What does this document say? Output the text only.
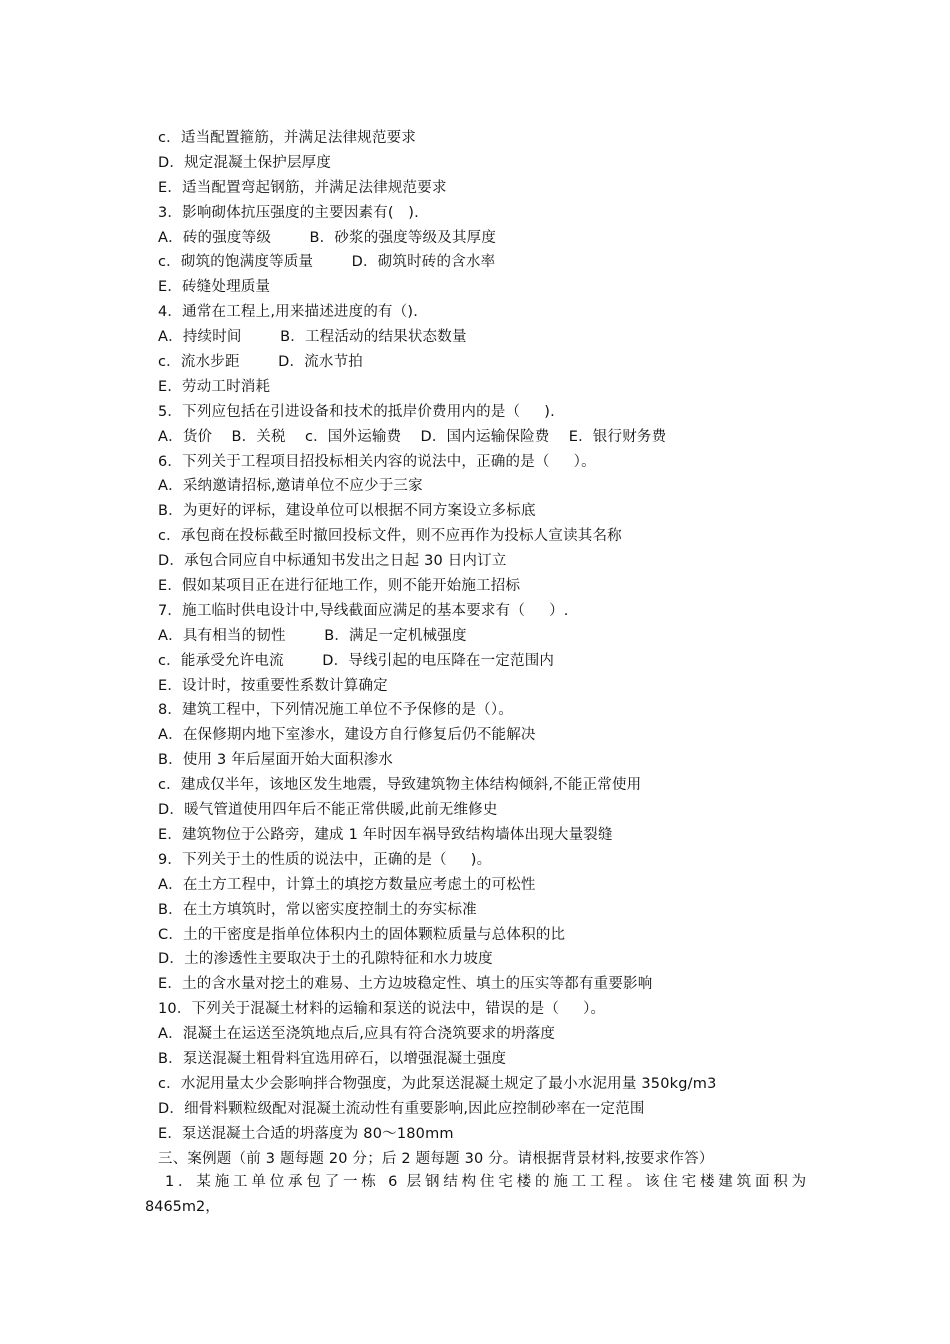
c．适当配置箍筋，并满足法律规范要求
D．规定混凝土保护层厚度
E．适当配置弯起钢筋，并满足法律规范要求
3．影响砌体抗压强度的主要因素有(   ).
A．砖的强度等级        B．砂浆的强度等级及其厚度
c．砌筑的饱满度等质量        D．砌筑时砖的含水率
E．砖缝处理质量
4．通常在工程上,用来描述进度的有（).
A．持续时间        B．工程活动的结果状态数量
c．流水步距        D．流水节拍
E．劳动工时消耗
5．下列应包括在引进设备和技术的抵岸价费用内的是（     ).
A．货价    B．关税    c．国外运输费    D．国内运输保险费    E．银行财务费
6．下列关于工程项目招投标相关内容的说法中，正确的是（     ）。
A．采纳邀请招标,邀请单位不应少于三家
B．为更好的评标，建设单位可以根据不同方案设立多标底
c．承包商在投标截至时撤回投标文件，则不应再作为投标人宣读其名称
D．承包合同应自中标通知书发出之日起 30 日内订立
E．假如某项目正在进行征地工作，则不能开始施工招标
7．施工临时供电设计中,导线截面应满足的基本要求有（     ）.
A．具有相当的韧性        B．满足一定机械强度
c．能承受允许电流        D．导线引起的电压降在一定范围内
E．设计时，按重要性系数计算确定
8．建筑工程中，下列情况施工单位不予保修的是（）。
A．在保修期内地下室渗水，建设方自行修复后仍不能解决
B．使用 3 年后屋面开始大面积渗水
c．建成仅半年，该地区发生地震，导致建筑物主体结构倾斜,不能正常使用
D．暖气管道使用四年后不能正常供暖,此前无维修史
E．建筑物位于公路旁，建成 1 年时因车祸导致结构墙体出现大量裂缝
9．下列关于土的性质的说法中，正确的是（     )。
A．在土方工程中，计算土的填挖方数量应考虑土的可松性
B．在土方填筑时，常以密实度控制土的夯实标准
C．土的干密度是指单位体积内土的固体颗粒质量与总体积的比
D．土的渗透性主要取决于土的孔隙特征和水力坡度
E．土的含水量对挖土的难易、土方边坡稳定性、填土的压实等都有重要影响
10．下列关于混凝土材料的运输和泵送的说法中，错误的是（     ）。
A．混凝土在运送至浇筑地点后,应具有符合浇筑要求的坍落度
B．泵送混凝土粗骨料宜选用碎石，以增强混凝土强度
c．水泥用量太少会影响拌合物强度，为此泵送混凝土规定了最小水泥用量 350kg/m3
D．细骨料颗粒级配对混凝土流动性有重要影响,因此应控制砂率在一定范围
E．泵送混凝土合适的坍落度为 80～180mm
三、案例题（前 3 题每题 20 分；后 2 题每题 30 分。请根据背景材料,按要求作答）
1．某施工单位承包了一栋 6 层钢结构住宅楼的施工工程。该住宅楼建筑面积为
8465m2，
